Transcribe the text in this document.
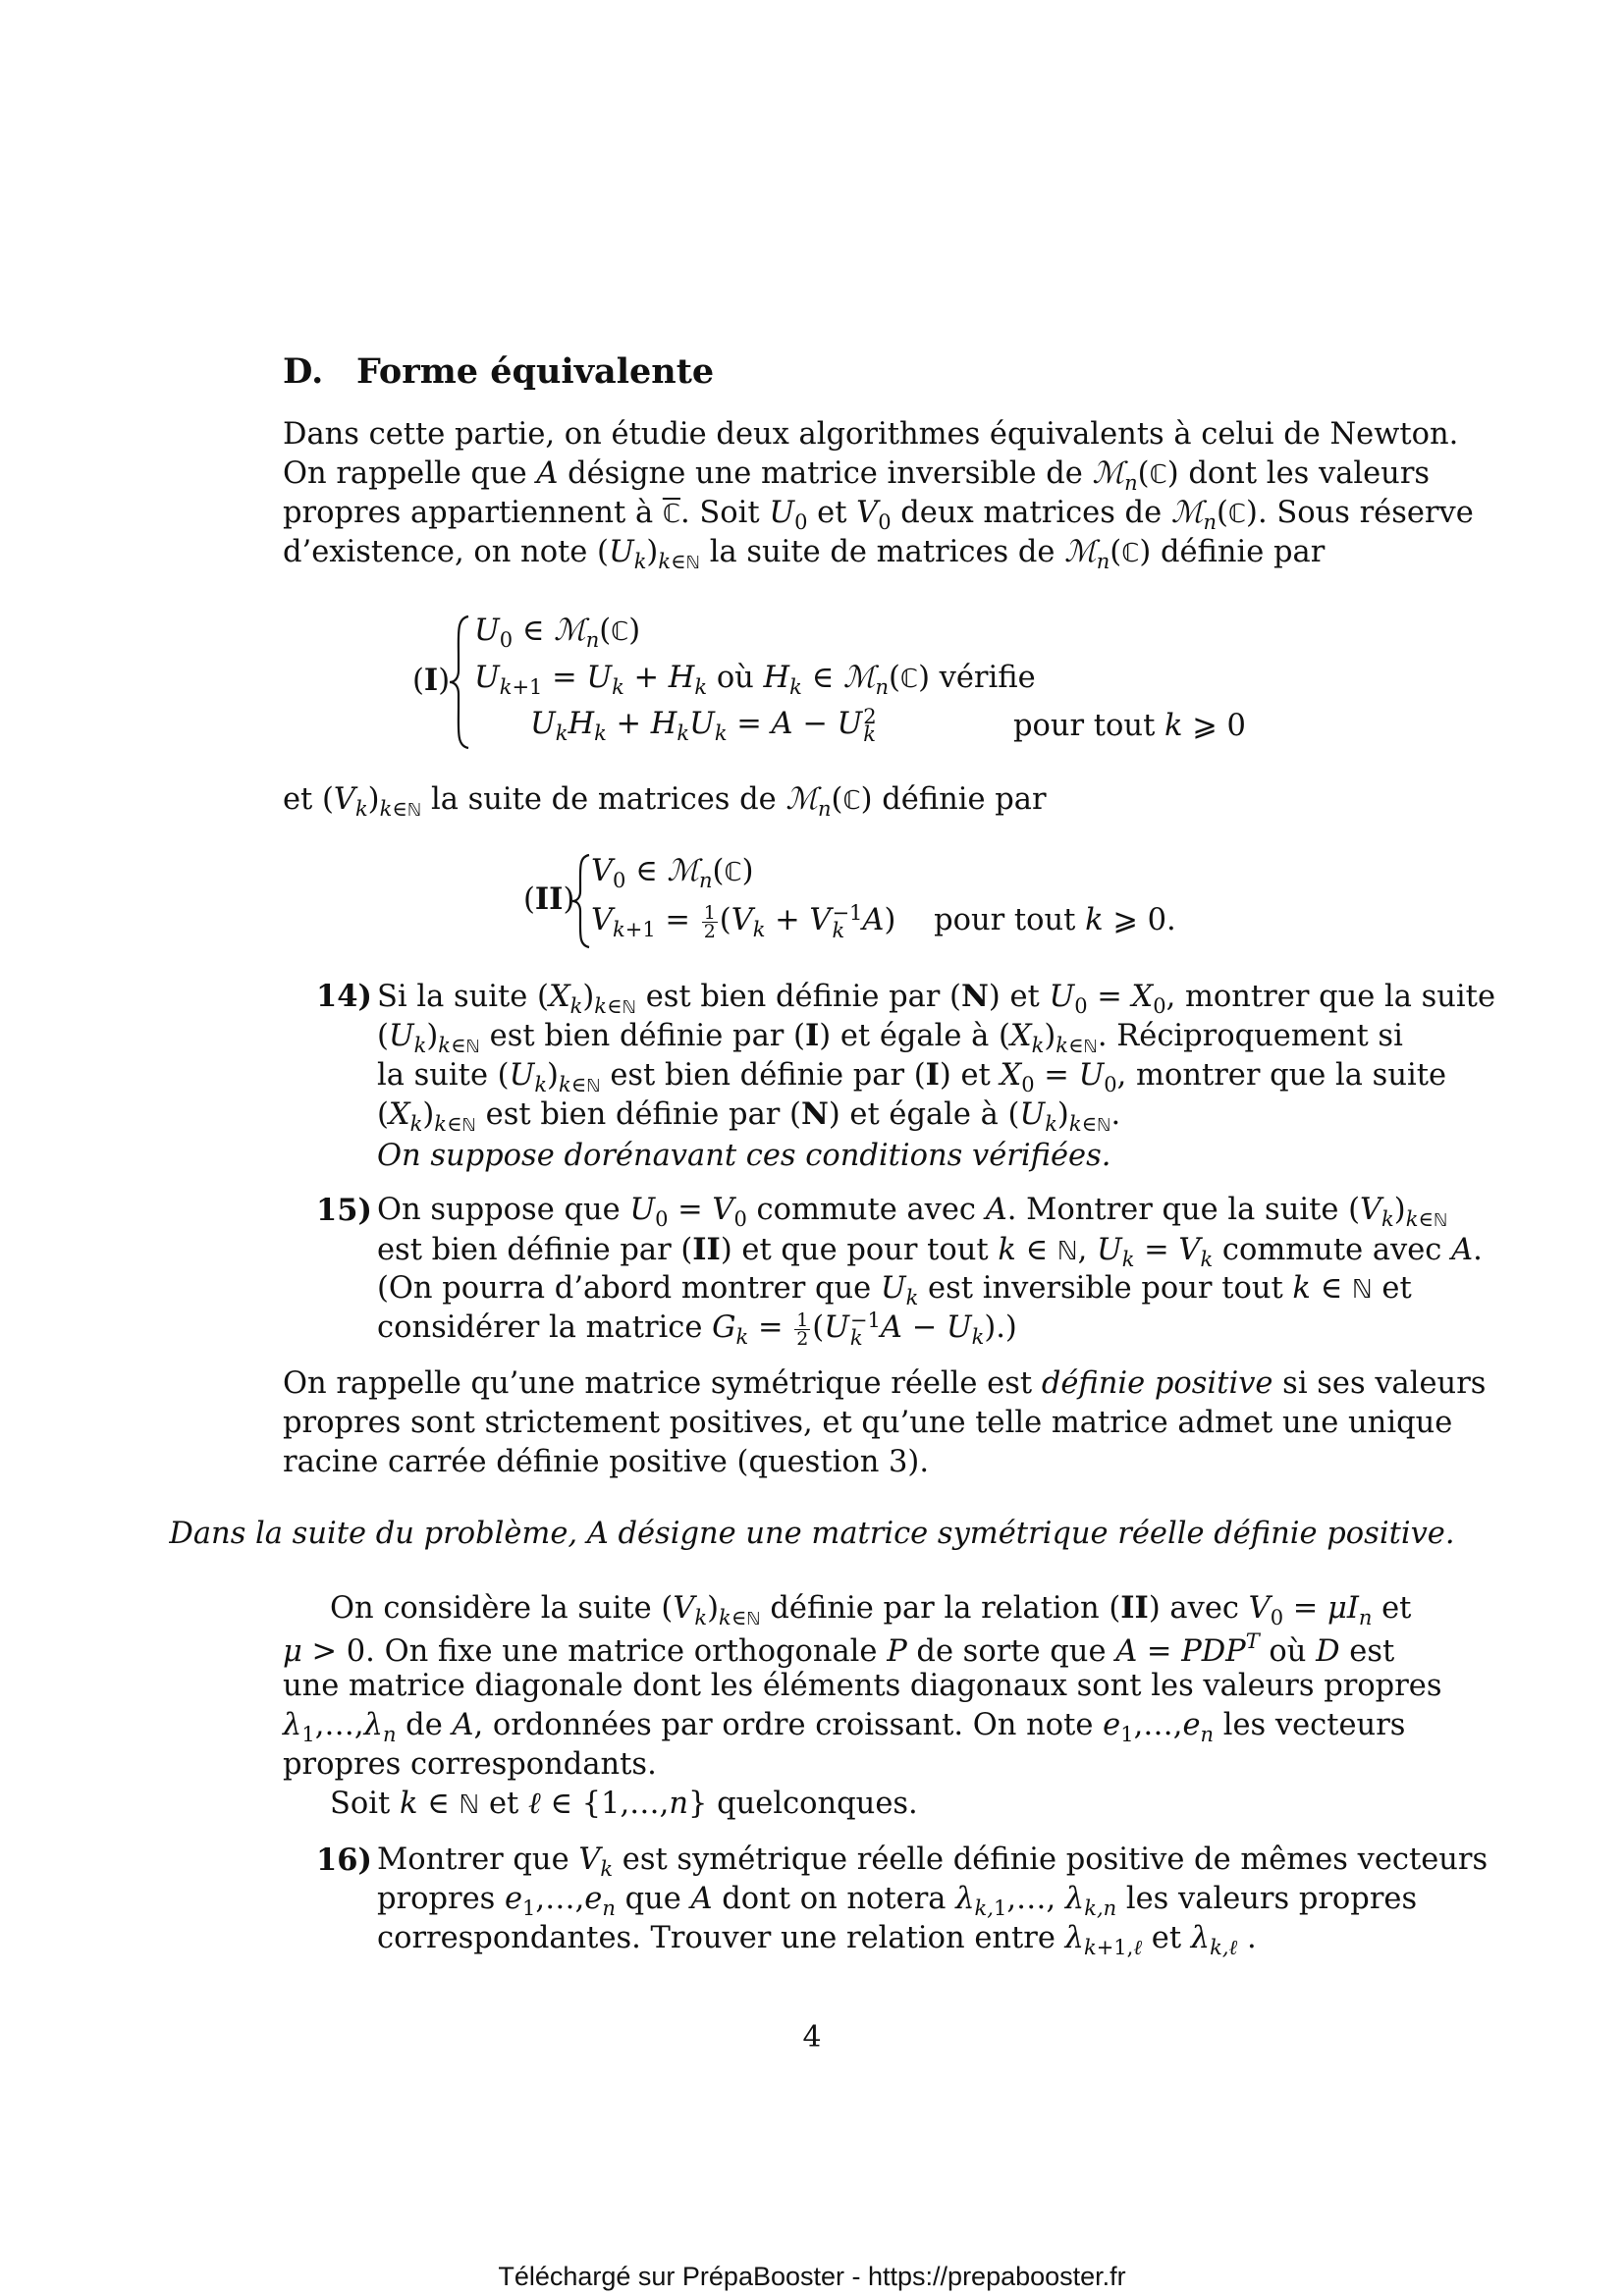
D. Forme équivalente
Dans cette partie, on étudie deux algorithmes équivalents à celui de Newton.
On rappelle que A désigne une matrice inversible de ℳ$_n$(ℂ) dont les valeurs
propres appartiennent à ℂ. Soit $U_0$ et $V_0$ deux matrices de ℳ$_n$(ℂ). Sous réserve
d’existence, on note $(U_k)_{k\in ℕ}$ la suite de matrices de ℳ$_n$(ℂ) définie par
(I)
$U_0$ ∈ ℳ$_n$(ℂ)
$U_{k+1} = U_k + H_k$ où $H_k$ ∈ ℳ$_n$(ℂ) vérifie
$U_kH_k + H_kU_k = A - U$ 2
k	pour tout k ⩾ 0
et $(V_k)_{k\in ℕ}$ la suite de matrices de ℳ$_n$(ℂ) définie par
(II)
$V_0$ ∈ ℳ$_n$(ℂ)
$V_{k+1} = \frac{1}{2} (V_k + V -1$
k A)    pour tout k ⩾ 0.
14) Si la suite $(X_k)_{k\in ℕ}$ est bien définie par (N) et $U_0 = X_0$, montrer que la suite
$(U_k)_{k\in ℕ}$ est bien définie par (I) et égale à $(X_k)_{k\in ℕ}$. Réciproquement si
la suite $(U_k)_{k\in ℕ}$ est bien définie par (I) et $X_0 = U_0$, montrer que la suite
$(X_k)_{k\in ℕ}$ est bien définie par (N) et égale à $(U_k)_{k\in ℕ}$.
On suppose dorénavant ces conditions vérifiées.
15) On suppose que $U_0 = V_0$ commute avec A. Montrer que la suite $(V_k)_{k\in ℕ}$
est bien définie par (II) et que pour tout k ∈ ℕ, $U_k = V_k$ commute avec A.
(On pourra d’abord montrer que $U_k$ est inversible pour tout k ∈ ℕ et
considérer la matrice $G_k = \frac{1}{2} (U -1$
k $A - U_k$).)
On rappelle qu’une matrice symétrique réelle est définie positive si ses valeurs
propres sont strictement positives, et qu’une telle matrice admet une unique
racine carrée définie positive (question 3).
Dans la suite du problème, A désigne une matrice symétrique réelle définie positive.
On considère la suite $(V_k)_{k\in ℕ}$ définie par la relation (II) avec $V_0 = \mu I_n$ et
μ > 0. On fixe une matrice orthogonale P de sorte que $A = PDP^T$ où D est
une matrice diagonale dont les éléments diagonaux sont les valeurs propres
$\lambda_1,\dots,\lambda_n$ de A, ordonnées par ordre croissant. On note $e_1,\dots,e_n$ les vecteurs
propres correspondants.
Soit k ∈ ℕ et ℓ ∈ {1,…,n} quelconques.
16) Montrer que $V_k$ est symétrique réelle définie positive de mêmes vecteurs
propres $e_1,\dots,e_n$ que A dont on notera $\lambda_{k,1},\dots$, $\lambda_{k,n}$ les valeurs propres
correspondantes. Trouver une relation entre $\lambda_{k+1,\ell}$ et $\lambda_{k,\ell}$ .
4
Téléchargé sur PrépaBooster - https://prepabooster.fr
